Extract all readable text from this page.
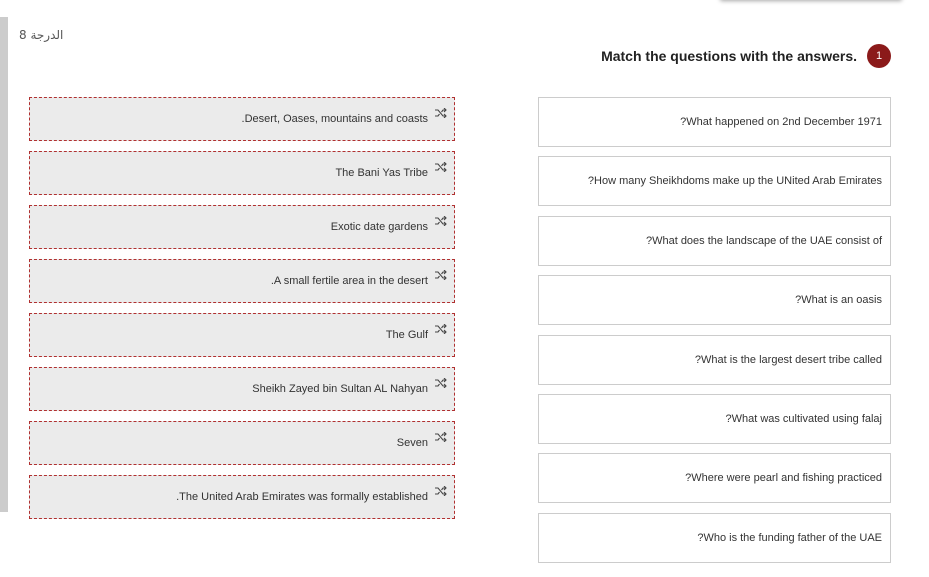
الدرجة 8
Match the questions with the answers.	1
.Desert, Oases, mountains and coasts
The Bani Yas Tribe
Exotic date gardens
.A small fertile area in the desert
The Gulf
Sheikh Zayed bin Sultan AL Nahyan
Seven
.The United Arab Emirates was formally established
?What happened on 2nd December 1971
?How many Sheikhdoms make up the UNited Arab Emirates
?What does the landscape of the UAE consist of
?What is an oasis
?What is the largest desert tribe called
?What was cultivated using falaj
?Where were pearl and fishing practiced
?Who is the funding father of the UAE
